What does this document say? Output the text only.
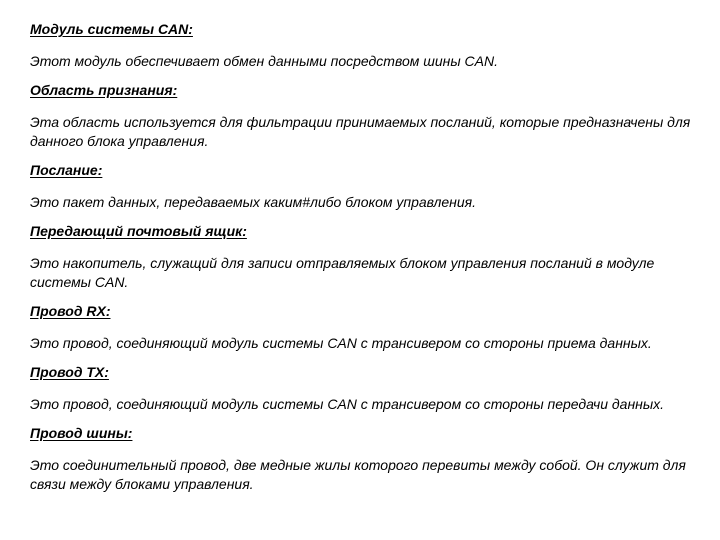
Модуль системы CAN:
Этот модуль обеспечивает обмен данными посредством шины CAN.
Область признания:
Эта область используется для фильтрации принимаемых посланий, которые предназначены для данного блока управления.
Послание:
Это пакет данных, передаваемых каким#либо блоком управления.
Передающий почтовый ящик:
Это накопитель, служащий для записи отправляемых блоком управления посланий в модуле системы CAN.
Провод RX:
Это провод, соединяющий модуль системы CAN с трансивером со стороны приема данных.
Провод TX:
Это провод, соединяющий модуль системы CAN с трансивером со стороны передачи данных.
Провод шины:
Это соединительный провод, две медные жилы которого перевиты между собой. Он служит для связи между блоками управления.
